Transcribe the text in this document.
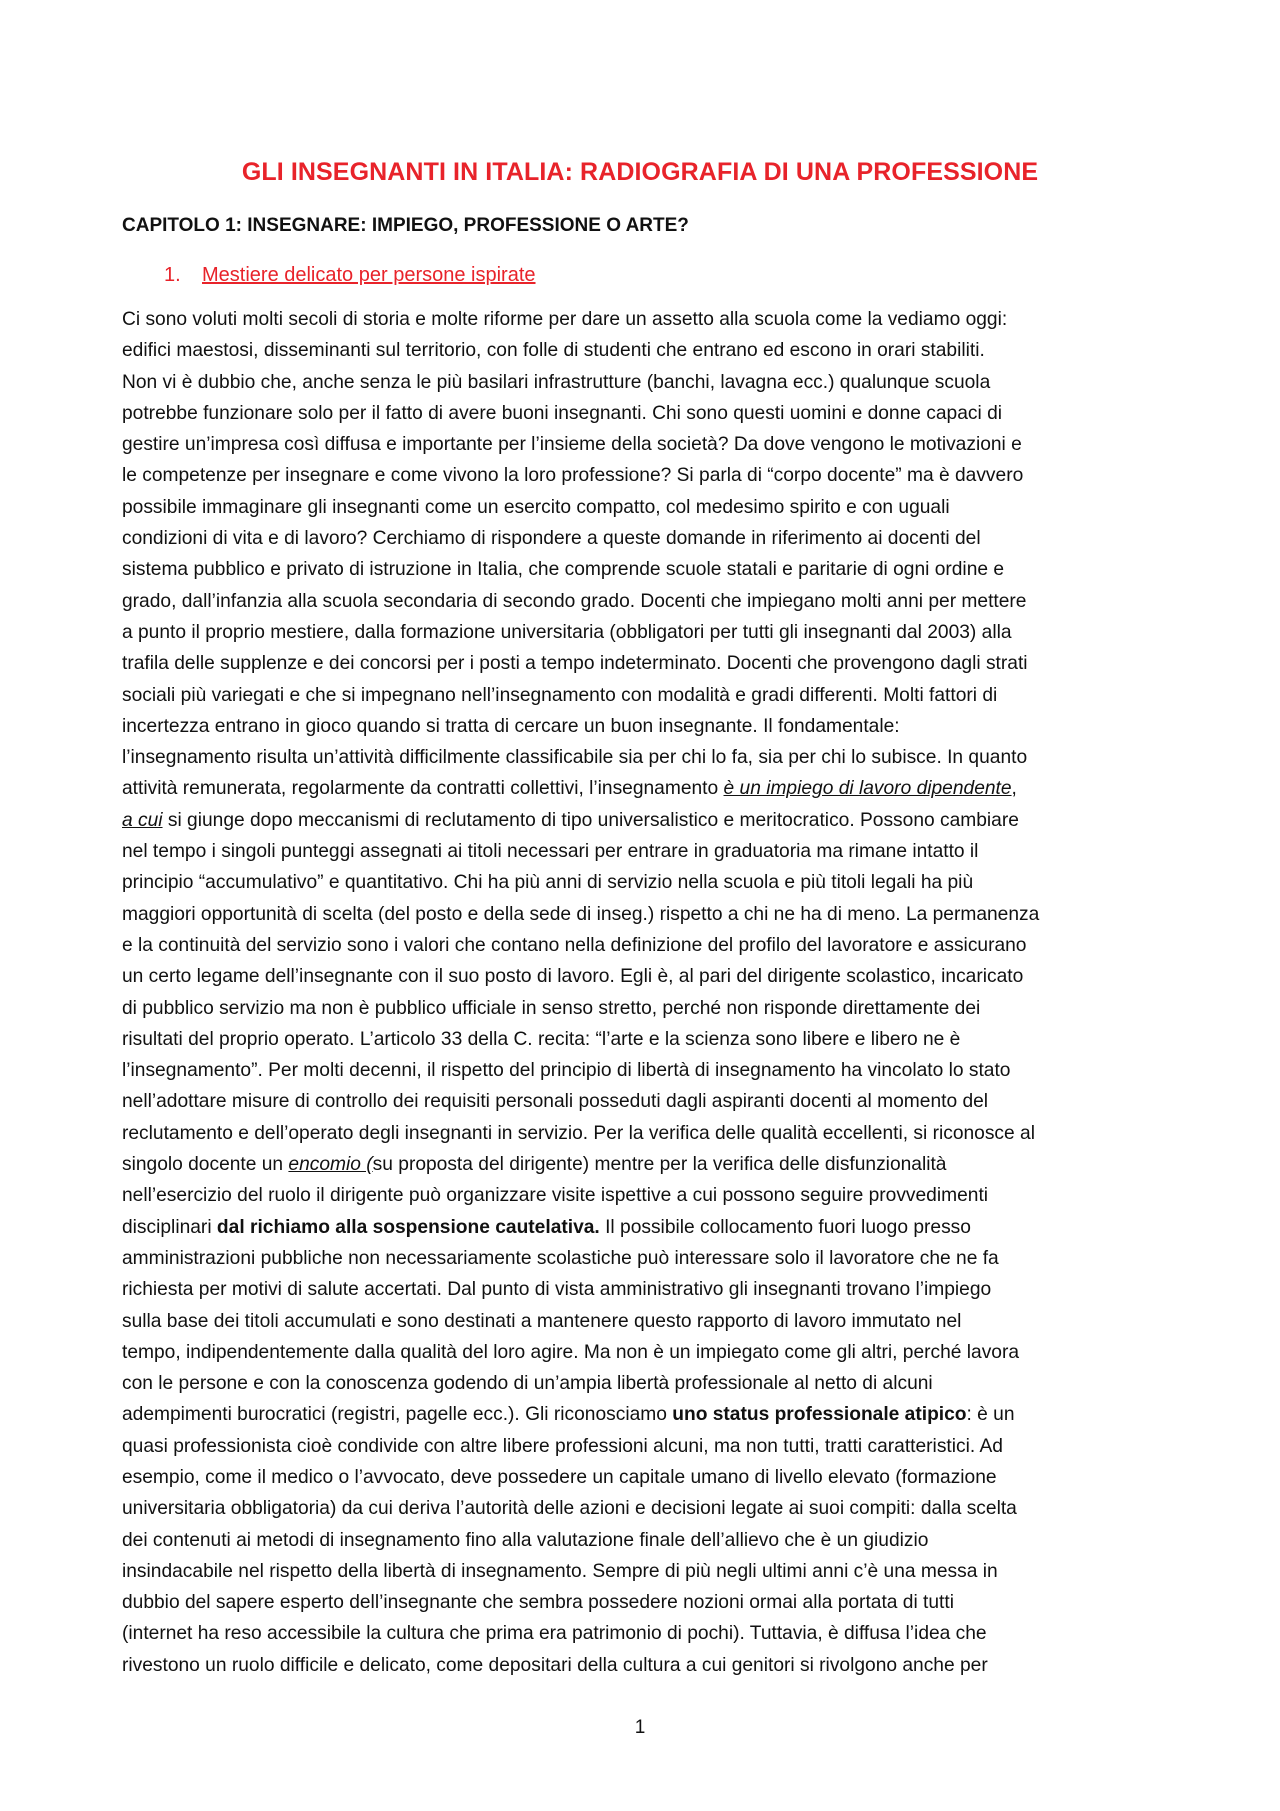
GLI INSEGNANTI IN ITALIA: RADIOGRAFIA DI UNA PROFESSIONE
CAPITOLO 1: INSEGNARE: IMPIEGO, PROFESSIONE O ARTE?
1. Mestiere delicato per persone ispirate
Ci sono voluti molti secoli di storia e molte riforme per dare un assetto alla scuola come la vediamo oggi:
edifici maestosi, disseminanti sul territorio, con folle di studenti che entrano ed escono in orari stabiliti.
Non vi è dubbio che, anche senza le più basilari infrastrutture (banchi, lavagna ecc.) qualunque scuola
potrebbe funzionare solo per il fatto di avere buoni insegnanti. Chi sono questi uomini e donne capaci di
gestire un’impresa così diffusa e importante per l’insieme della società? Da dove vengono le motivazioni e
le competenze per insegnare e come vivono la loro professione? Si parla di “corpo docente” ma è davvero
possibile immaginare gli insegnanti come un esercito compatto, col medesimo spirito e con uguali
condizioni di vita e di lavoro? Cerchiamo di rispondere a queste domande in riferimento ai docenti del
sistema pubblico e privato di istruzione in Italia, che comprende scuole statali e paritarie di ogni ordine e
grado, dall’infanzia alla scuola secondaria di secondo grado. Docenti che impiegano molti anni per mettere
a punto il proprio mestiere, dalla formazione universitaria (obbligatori per tutti gli insegnanti dal 2003) alla
trafila delle supplenze e dei concorsi per i posti a tempo indeterminato. Docenti che provengono dagli strati
sociali più variegati e che si impegnano nell’insegnamento con modalità e gradi differenti. Molti fattori di
incertezza entrano in gioco quando si tratta di cercare un buon insegnante. Il fondamentale:
l’insegnamento risulta un’attività difficilmente classificabile sia per chi lo fa, sia per chi lo subisce. In quanto
attività remunerata, regolarmente da contratti collettivi, l’insegnamento è un impiego di lavoro dipendente,
a cui si giunge dopo meccanismi di reclutamento di tipo universalistico e meritocratico. Possono cambiare
nel tempo i singoli punteggi assegnati ai titoli necessari per entrare in graduatoria ma rimane intatto il
principio “accumulativo” e quantitativo. Chi ha più anni di servizio nella scuola e più titoli legali ha più
maggiori opportunità di scelta (del posto e della sede di inseg.) rispetto a chi ne ha di meno. La permanenza
e la continuità del servizio sono i valori che contano nella definizione del profilo del lavoratore e assicurano
un certo legame dell’insegnante con il suo posto di lavoro. Egli è, al pari del dirigente scolastico, incaricato
di pubblico servizio ma non è pubblico ufficiale in senso stretto, perché non risponde direttamente dei
risultati del proprio operato. L’articolo 33 della C. recita: “l’arte e la scienza sono libere e libero ne è
l’insegnamento”. Per molti decenni, il rispetto del principio di libertà di insegnamento ha vincolato lo stato
nell’adottare misure di controllo dei requisiti personali posseduti dagli aspiranti docenti al momento del
reclutamento e dell’operato degli insegnanti in servizio. Per la verifica delle qualità eccellenti, si riconosce al
singolo docente un encomio (su proposta del dirigente) mentre per la verifica delle disfunzionalità
nell’esercizio del ruolo il dirigente può organizzare visite ispettive a cui possono seguire provvedimenti
disciplinari dal richiamo alla sospensione cautelativa. Il possibile collocamento fuori luogo presso
amministrazioni pubbliche non necessariamente scolastiche può interessare solo il lavoratore che ne fa
richiesta per motivi di salute accertati. Dal punto di vista amministrativo gli insegnanti trovano l’impiego
sulla base dei titoli accumulati e sono destinati a mantenere questo rapporto di lavoro immutato nel
tempo, indipendentemente dalla qualità del loro agire. Ma non è un impiegato come gli altri, perché lavora
con le persone e con la conoscenza godendo di un’ampia libertà professionale al netto di alcuni
adempimenti burocratici (registri, pagelle ecc.). Gli riconosciamo uno status professionale atipico: è un
quasi professionista cioè condivide con altre libere professioni alcuni, ma non tutti, tratti caratteristici. Ad
esempio, come il medico o l’avvocato, deve possedere un capitale umano di livello elevato (formazione
universitaria obbligatoria) da cui deriva l’autorità delle azioni e decisioni legate ai suoi compiti: dalla scelta
dei contenuti ai metodi di insegnamento fino alla valutazione finale dell’allievo che è un giudizio
insindacabile nel rispetto della libertà di insegnamento. Sempre di più negli ultimi anni c’è una messa in
dubbio del sapere esperto dell’insegnante che sembra possedere nozioni ormai alla portata di tutti
(internet ha reso accessibile la cultura che prima era patrimonio di pochi). Tuttavia, è diffusa l’idea che
rivestono un ruolo difficile e delicato, come depositari della cultura a cui genitori si rivolgono anche per
1
